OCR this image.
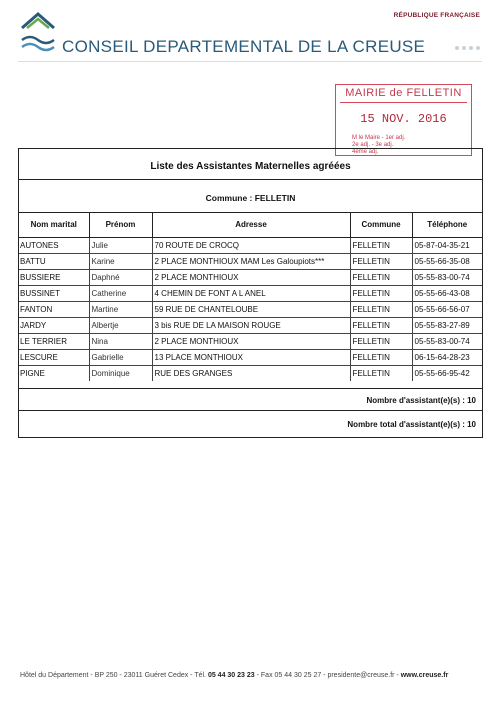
CONSEIL DEPARTEMENTAL DE LA CREUSE
RÉPUBLIQUE FRANÇAISE
MAIRIE de FELLETIN
15 NOV. 2016
M le Maire - 1er adj.
2e adj. - 3e adj.
4ème adj.
Liste des Assistantes Maternelles agréées
Commune : FELLETIN
Nom marital	Prénom	Adresse	Commune	Téléphone
AUTONES	Julie	70 ROUTE DE CROCQ	FELLETIN	05-87-04-35-21
BATTU	Karine	2 PLACE MONTHIOUX MAM Les Galoupiots***	FELLETIN	05-55-66-35-08
BUSSIERE	Daphné	2 PLACE MONTHIOUX	FELLETIN	05-55-83-00-74
BUSSINET	Catherine	4 CHEMIN DE FONT A L ANEL	FELLETIN	05-55-66-43-08
FANTON	Martine	59 RUE DE CHANTELOUBE	FELLETIN	05-55-66-56-07
JARDY	Albertje	3 bis RUE DE LA MAISON ROUGE	FELLETIN	05-55-83-27-89
LE TERRIER	Nina	2 PLACE MONTHIOUX	FELLETIN	05-55-83-00-74
LESCURE	Gabrielle	13 PLACE MONTHIOUX	FELLETIN	06-15-64-28-23
PIGNE	Dominique	RUE DES GRANGES	FELLETIN	05-55-66-95-42
Nombre d'assistant(e)(s) : 10
Nombre total d'assistant(e)(s) : 10
Hôtel du Département - BP 250 - 23011 Guéret Cedex - Tél. 05 44 30 23 23 - Fax 05 44 30 25 27 - presidente@creuse.fr - www.creuse.fr
